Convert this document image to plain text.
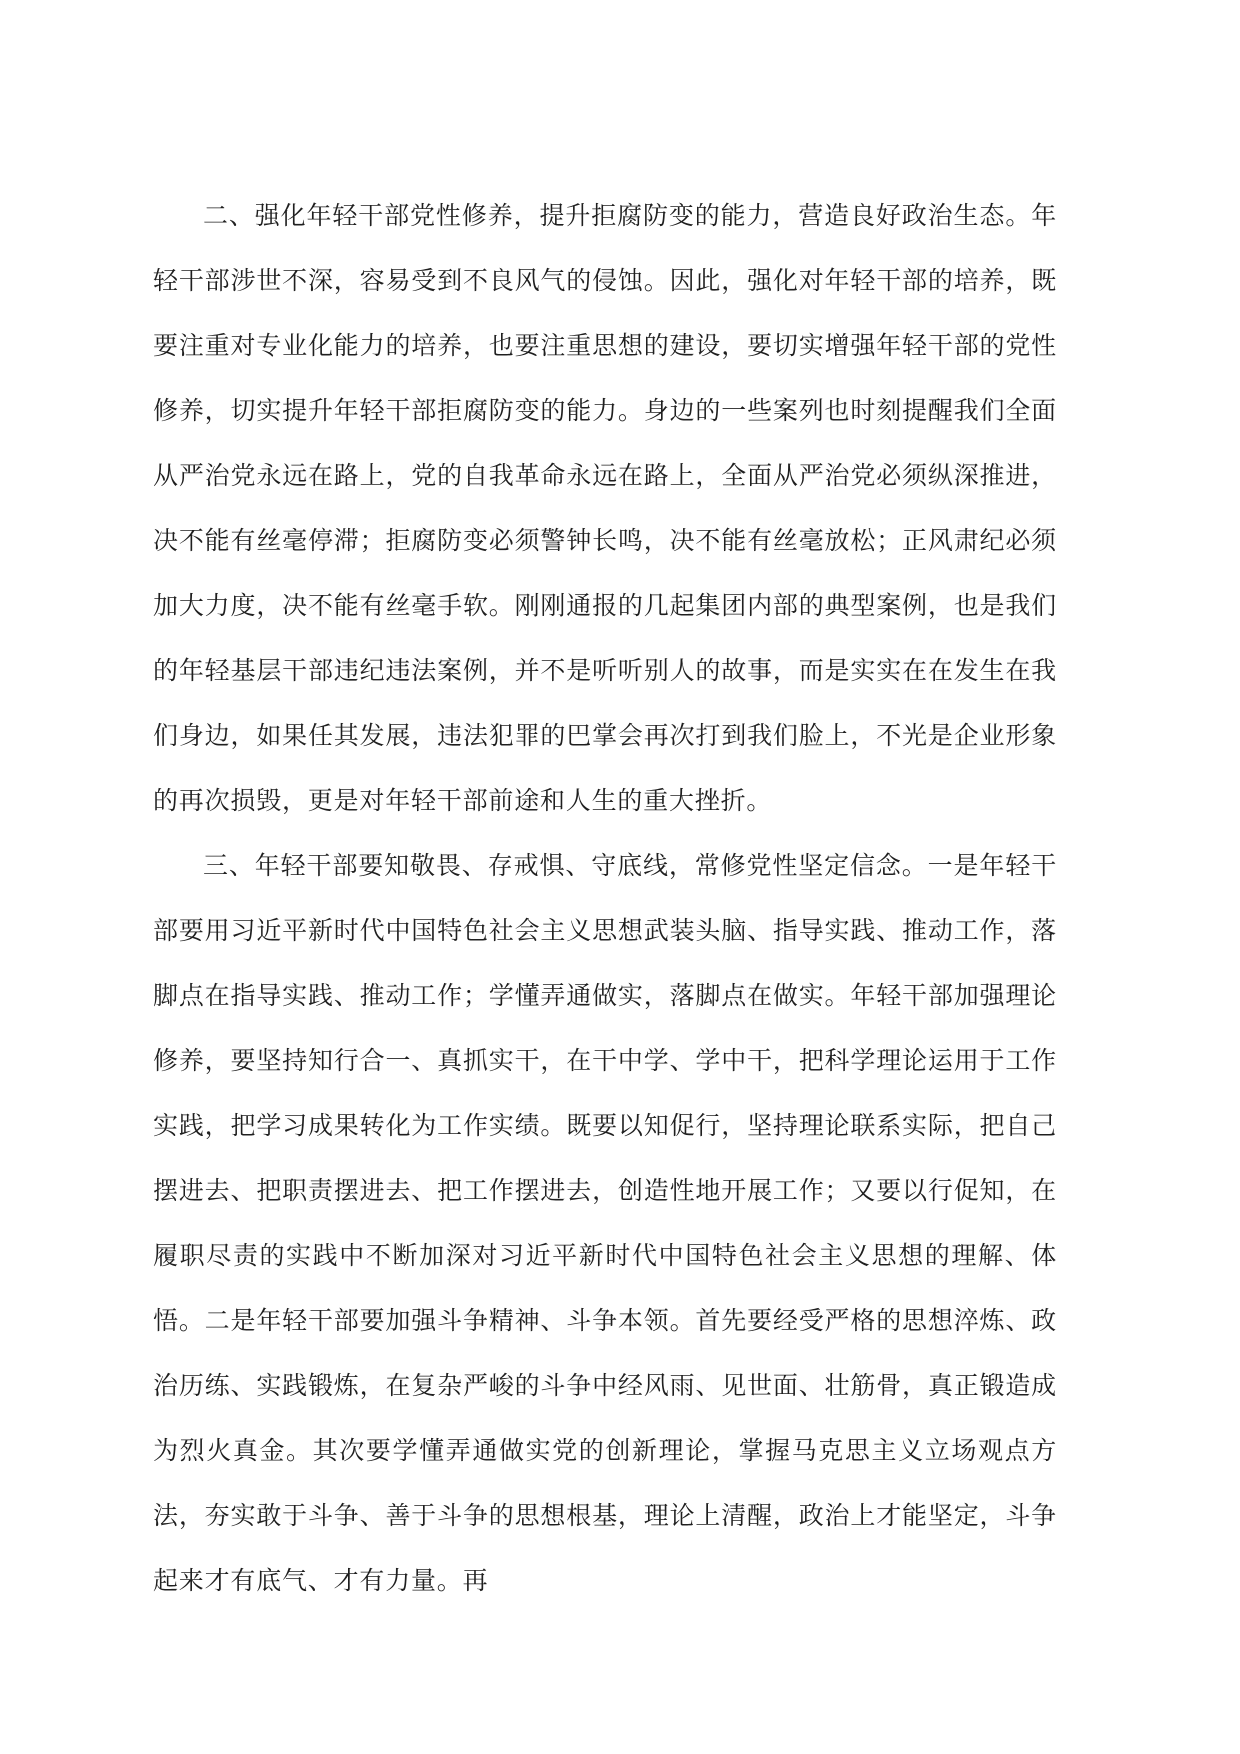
二、强化年轻干部党性修养，提升拒腐防变的能力，营造良好政治生态。年轻干部涉世不深，容易受到不良风气的侵蚀。因此，强化对年轻干部的培养，既要注重对专业化能力的培养，也要注重思想的建设，要切实增强年轻干部的党性修养，切实提升年轻干部拒腐防变的能力。身边的一些案列也时刻提醒我们全面从严治党永远在路上，党的自我革命永远在路上，全面从严治党必须纵深推进，决不能有丝毫停滞；拒腐防变必须警钟长鸣，决不能有丝毫放松；正风肃纪必须加大力度，决不能有丝毫手软。刚刚通报的几起集团内部的典型案例，也是我们的年轻基层干部违纪违法案例，并不是听听别人的故事，而是实实在在发生在我们身边，如果任其发展，违法犯罪的巴掌会再次打到我们脸上，不光是企业形象的再次损毁，更是对年轻干部前途和人生的重大挫折。

三、年轻干部要知敬畏、存戒惧、守底线，常修党性坚定信念。一是年轻干部要用习近平新时代中国特色社会主义思想武装头脑、指导实践、推动工作，落脚点在指导实践、推动工作；学懂弄通做实，落脚点在做实。年轻干部加强理论修养，要坚持知行合一、真抓实干，在干中学、学中干，把科学理论运用于工作实践，把学习成果转化为工作实绩。既要以知促行，坚持理论联系实际，把自己摆进去、把职责摆进去、把工作摆进去，创造性地开展工作；又要以行促知，在履职尽责的实践中不断加深对习近平新时代中国特色社会主义思想的理解、体悟。二是年轻干部要加强斗争精神、斗争本领。首先要经受严格的思想淬炼、政治历练、实践锻炼，在复杂严峻的斗争中经风雨、见世面、壮筋骨，真正锻造成为烈火真金。其次要学懂弄通做实党的创新理论，掌握马克思主义立场观点方法，夯实敢于斗争、善于斗争的思想根基，理论上清醒，政治上才能坚定，斗争起来才有底气、才有力量。再
